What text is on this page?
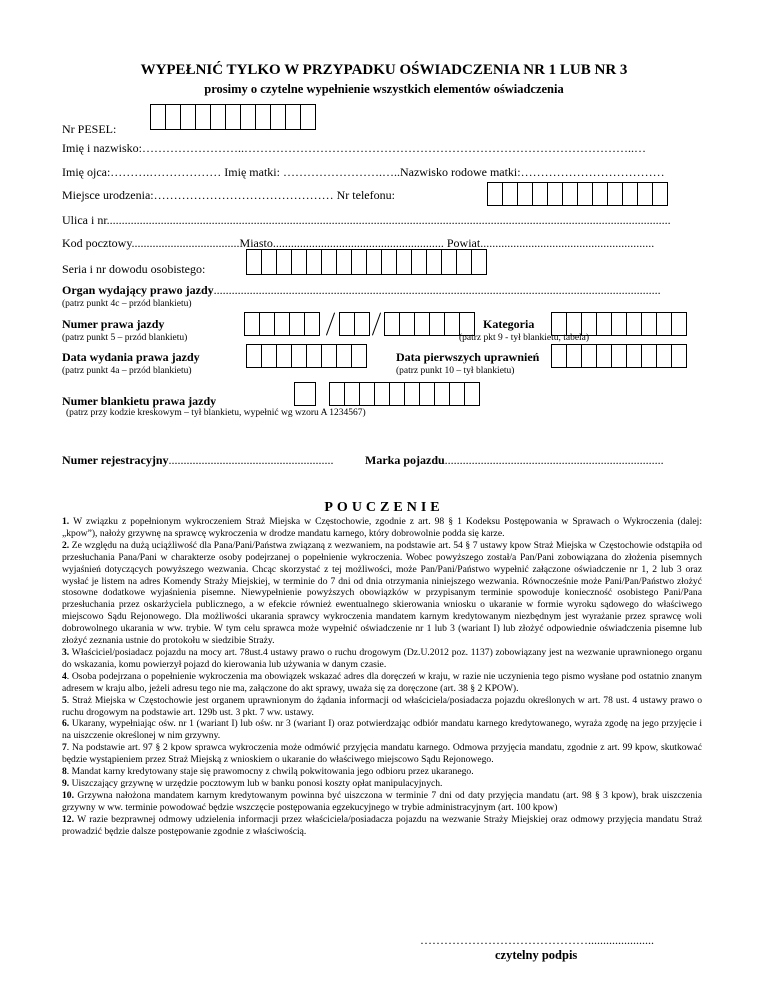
WYPEŁNIĆ TYLKO W PRZYPADKU OŚWIADCZENIA NR 1 LUB NR 3
prosimy o czytelne wypełnienie wszystkich elementów oświadczenia
Nr PESEL:
Imię i nazwisko:……………………..……………………………………………………………………………………..…
Imię ojca:……….……………… Imię matki: …………………….…..Nazwisko rodowe matki:………………………………
Miejsce urodzenia:……………………………………… Nr telefonu:
Ulica i nr............................................................................................................................................................................................
Kod pocztowy....................................Miasto......................................................... Powiat..........................................................
Seria i nr dowodu osobistego:
Organ wydający prawo jazdy.....................................................................................................................................................
(patrz punkt 4c – przód blankietu)
Numer prawa jazdy
(patrz punkt 5 – przód blankietu)
Kategoria
(patrz pkt 9 - tył blankietu, tabela)
Data wydania prawa jazdy
(patrz punkt 4a – przód blankietu)
Data pierwszych uprawnień
(patrz punkt 10 – tył blankietu)
Numer blankietu prawa jazdy
(patrz przy kodzie kreskowym – tył blankietu, wypełnić wg wzoru A 1234567)
Numer rejestracyjny.......................................................	Marka pojazdu.........................................................................
POUCZENIE

1. W związku z popełnionym wykroczeniem Straż Miejska w Częstochowie, zgodnie z art. 98 § 1 Kodeksu Postępowania w Sprawach o Wykroczenia (dalej: „kpow”), nałoży grzywnę na sprawcę wykroczenia w drodze mandatu karnego, który dobrowolnie podda się karze.

2. Ze względu na dużą uciążliwość dla Pana/Pani/Państwa związaną z wezwaniem, na podstawie art. 54 § 7 ustawy kpow Straż Miejska w Częstochowie odstąpiła od przesłuchania Pana/Pani w charakterze osoby podejrzanej o popełnienie wykroczenia. Wobec powyższego został/a Pan/Pani zobowiązana do złożenia pisemnych wyjaśnień dotyczących powyższego wezwania. Chcąc skorzystać z tej możliwości, może Pan/Pani/Państwo wypełnić załączone oświadczenie nr 1, 2 lub 3 oraz wysłać je listem na adres Komendy Straży Miejskiej, w terminie do 7 dni od dnia otrzymania niniejszego wezwania. Równocześnie może Pani/Pan/Państwo złożyć stosowne dodatkowe wyjaśnienia pisemne. Niewypełnienie powyższych obowiązków w przypisanym terminie spowoduje konieczność osobistego Pani/Pana przesłuchania przez oskarżyciela publicznego, a w efekcie również ewentualnego skierowania wniosku o ukaranie w formie wyroku sądowego do właściwego miejscowo Sądu Rejonowego. Dla możliwości ukarania sprawcy wykroczenia mandatem karnym kredytowanym niezbędnym jest wyrażanie przez sprawcę woli dobrowolnego ukarania w ww. trybie. W tym celu sprawca może wypełnić oświadczenie nr 1 lub 3 (wariant I) lub złożyć odpowiednie oświadczenia pisemne lub złożyć zeznania ustnie do protokołu w siedzibie Straży.

3. Właściciel/posiadacz pojazdu na mocy art. 78ust.4 ustawy prawo o ruchu drogowym (Dz.U.2012 poz. 1137) zobowiązany jest na wezwanie uprawnionego organu do wskazania, komu powierzył pojazd do kierowania lub używania w danym czasie.

4. Osoba podejrzana o popełnienie wykroczenia ma obowiązek wskazać adres dla doręczeń w kraju, w razie nie uczynienia tego pismo wysłane pod ostatnio znanym adresem w kraju albo, jeżeli adresu tego nie ma, załączone do akt sprawy, uważa się za doręczone (art. 38 § 2 KPOW).

5. Straż Miejska w Częstochowie jest organem uprawnionym do żądania informacji od właściciela/posiadacza pojazdu określonych w art. 78 ust. 4 ustawy prawo o ruchu drogowym na podstawie art. 129b ust. 3 pkt. 7 ww. ustawy.

6. Ukarany, wypełniając ośw. nr 1 (wariant I) lub ośw. nr 3 (wariant I) oraz potwierdzając odbiór mandatu karnego kredytowanego, wyraża zgodę na jego przyjęcie i na uiszczenie określonej w nim grzywny.

7. Na podstawie art. 97 § 2 kpow sprawca wykroczenia może odmówić przyjęcia mandatu karnego. Odmowa przyjęcia mandatu, zgodnie z art. 99 kpow, skutkować będzie wystąpieniem przez Straż Miejską z wnioskiem o ukaranie do właściwego miejscowo Sądu Rejonowego.

8. Mandat karny kredytowany staje się prawomocny z chwilą pokwitowania jego odbioru przez ukaranego.

9. Uiszczający grzywnę w urzędzie pocztowym lub w banku ponosi koszty opłat manipulacyjnych.

10. Grzywna nałożona mandatem karnym kredytowanym powinna być uiszczona w terminie 7 dni od daty przyjęcia mandatu (art. 98 § 3 kpow), brak uiszczenia grzywny w ww. terminie powodować będzie wszczęcie postępowania egzekucyjnego w trybie administracyjnym (art. 100 kpow)

12. W razie bezprawnej odmowy udzielenia informacji przez właściciela/posiadacza pojazdu na wezwanie Straży Miejskiej oraz odmowy przyjęcia mandatu Straż prowadzić będzie dalsze postępowanie zgodnie z właściwością.

……………………………………......................
czytelny podpis
